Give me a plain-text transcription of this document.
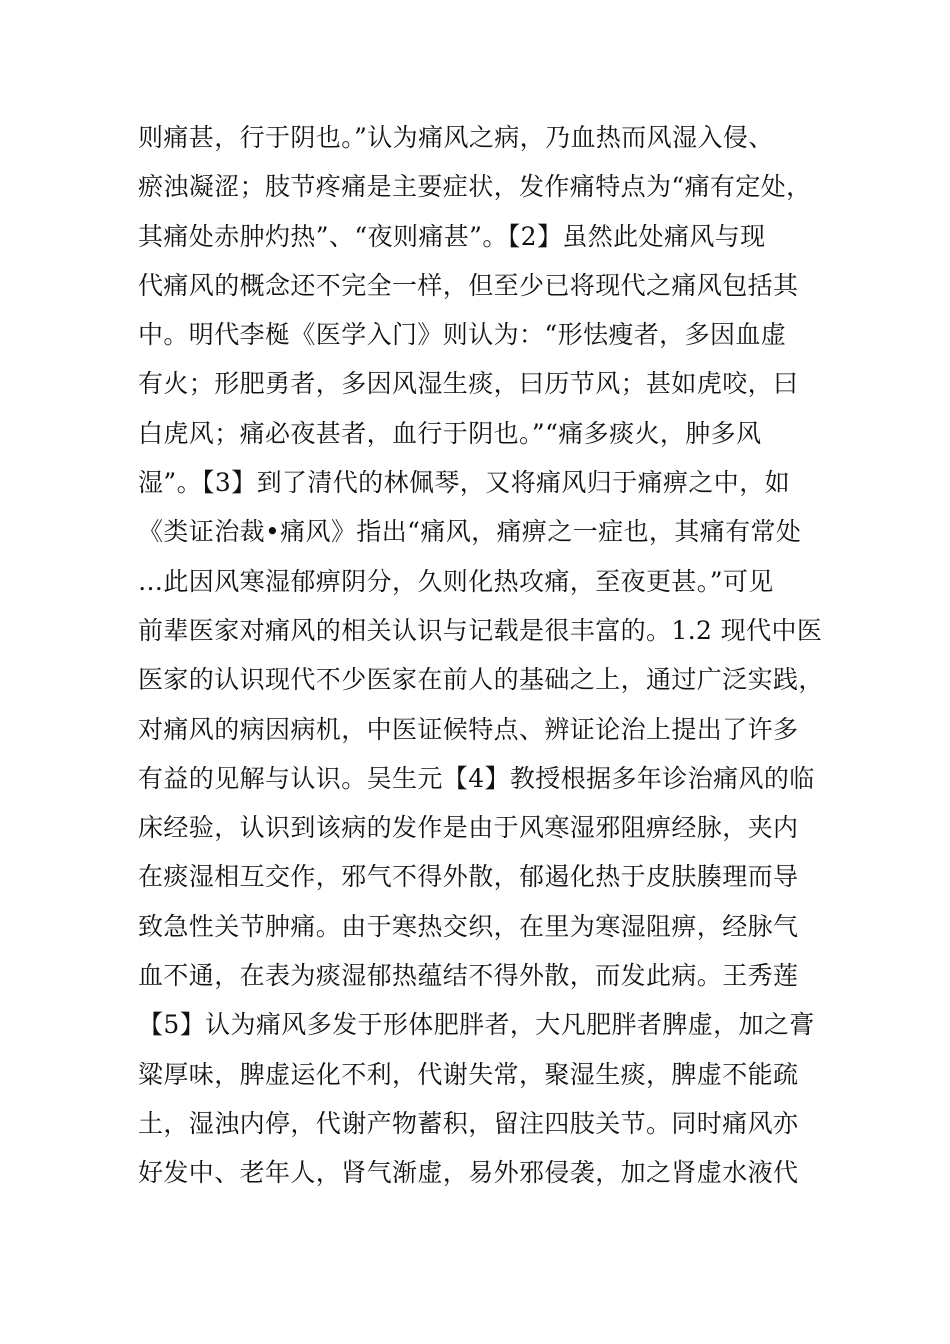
则痛甚，行于阴也。”认为痛风之病，乃血热而风湿入侵、
瘀浊凝涩；肢节疼痛是主要症状，发作痛特点为“痛有定处，
其痛处赤肿灼热”、“夜则痛甚”。【2】虽然此处痛风与现
代痛风的概念还不完全一样，但至少已将现代之痛风包括其
中。明代李梴《医学入门》则认为：“形怯瘦者，多因血虚
有火；形肥勇者，多因风湿生痰，曰历节风；甚如虎咬，曰
白虎风；痛必夜甚者，血行于阴也。”“痛多痰火，肿多风
湿”。【3】到了清代的林佩琴，又将痛风归于痛痹之中，如
《类证治裁•痛风》指出“痛风，痛痹之一症也，其痛有常处
…此因风寒湿郁痹阴分，久则化热攻痛，至夜更甚。”可见
前辈医家对痛风的相关认识与记载是很丰富的。1.2 现代中医
医家的认识现代不少医家在前人的基础之上，通过广泛实践，
对痛风的病因病机，中医证候特点、辨证论治上提出了许多
有益的见解与认识。吴生元【4】教授根据多年诊治痛风的临
床经验，认识到该病的发作是由于风寒湿邪阻痹经脉，夹内
在痰湿相互交作，邪气不得外散，郁遏化热于皮肤腠理而导
致急性关节肿痛。由于寒热交织，在里为寒湿阻痹，经脉气
血不通，在表为痰湿郁热蕴结不得外散，而发此病。王秀莲
【5】认为痛风多发于形体肥胖者，大凡肥胖者脾虚，加之膏
粱厚味，脾虚运化不利，代谢失常，聚湿生痰，脾虚不能疏
土，湿浊内停，代谢产物蓄积，留注四肢关节。同时痛风亦
好发中、老年人，肾气渐虚，易外邪侵袭，加之肾虚水液代
